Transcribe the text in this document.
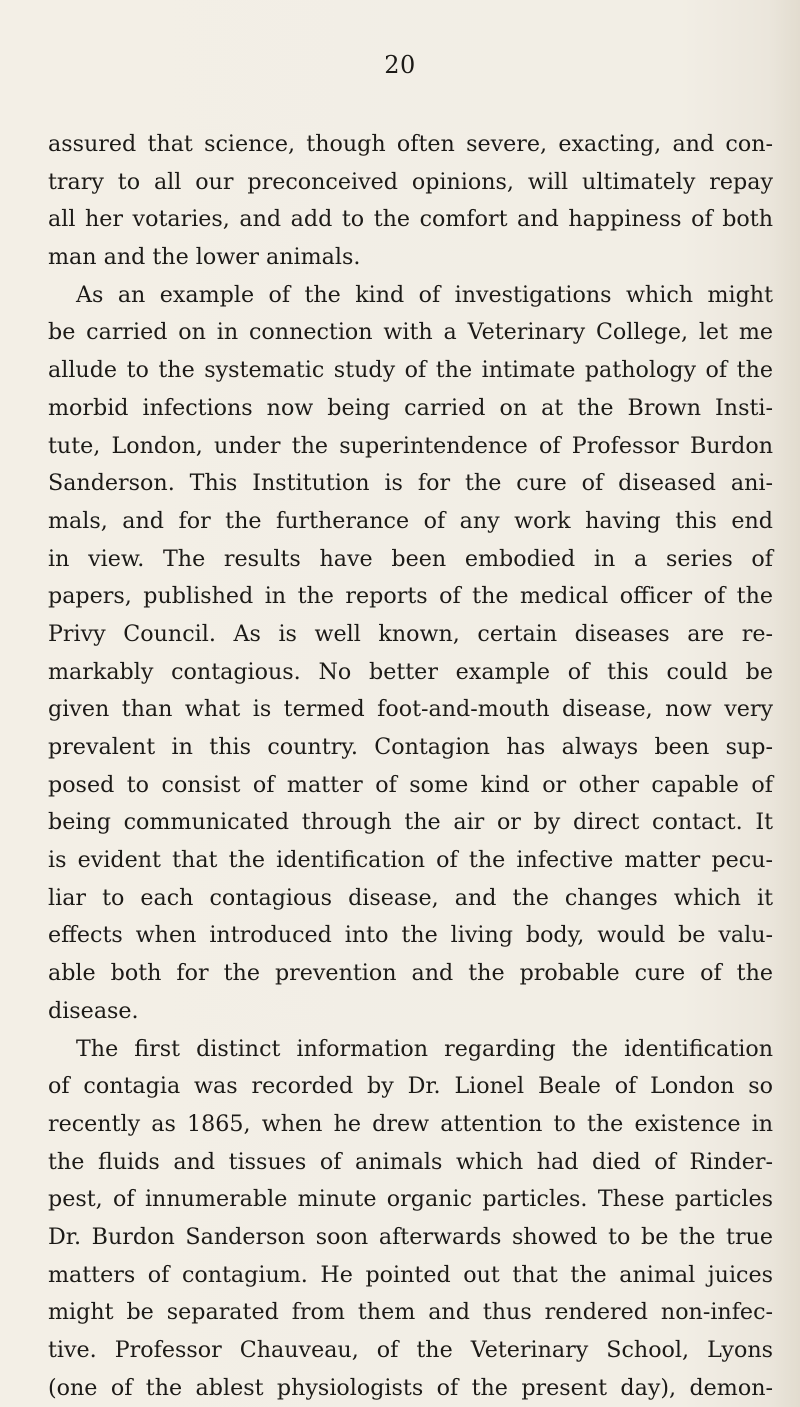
20
assured that science, though often severe, exacting, and con-
trary to all our preconceived opinions, will ultimately repay
all her votaries, and add to the comfort and happiness of both
man and the lower animals.
As an example of the kind of investigations which might
be carried on in connection with a Veterinary College, let me
allude to the systematic study of the intimate pathology of the
morbid infections now being carried on at the Brown Insti-
tute, London, under the superintendence of Professor Burdon
Sanderson. This Institution is for the cure of diseased ani-
mals, and for the furtherance of any work having this end
in view. The results have been embodied in a series of
papers, published in the reports of the medical officer of the
Privy Council. As is well known, certain diseases are re-
markably contagious. No better example of this could be
given than what is termed foot-and-mouth disease, now very
prevalent in this country. Contagion has always been sup-
posed to consist of matter of some kind or other capable of
being communicated through the air or by direct contact. It
is evident that the identification of the infective matter pecu-
liar to each contagious disease, and the changes which it
effects when introduced into the living body, would be valu-
able both for the prevention and the probable cure of the
disease.
The first distinct information regarding the identification
of contagia was recorded by Dr. Lionel Beale of London so
recently as 1865, when he drew attention to the existence in
the fluids and tissues of animals which had died of Rinder-
pest, of innumerable minute organic particles. These particles
Dr. Burdon Sanderson soon afterwards showed to be the true
matters of contagium. He pointed out that the animal juices
might be separated from them and thus rendered non-infec-
tive. Professor Chauveau, of the Veterinary School, Lyons
(one of the ablest physiologists of the present day), demon-
